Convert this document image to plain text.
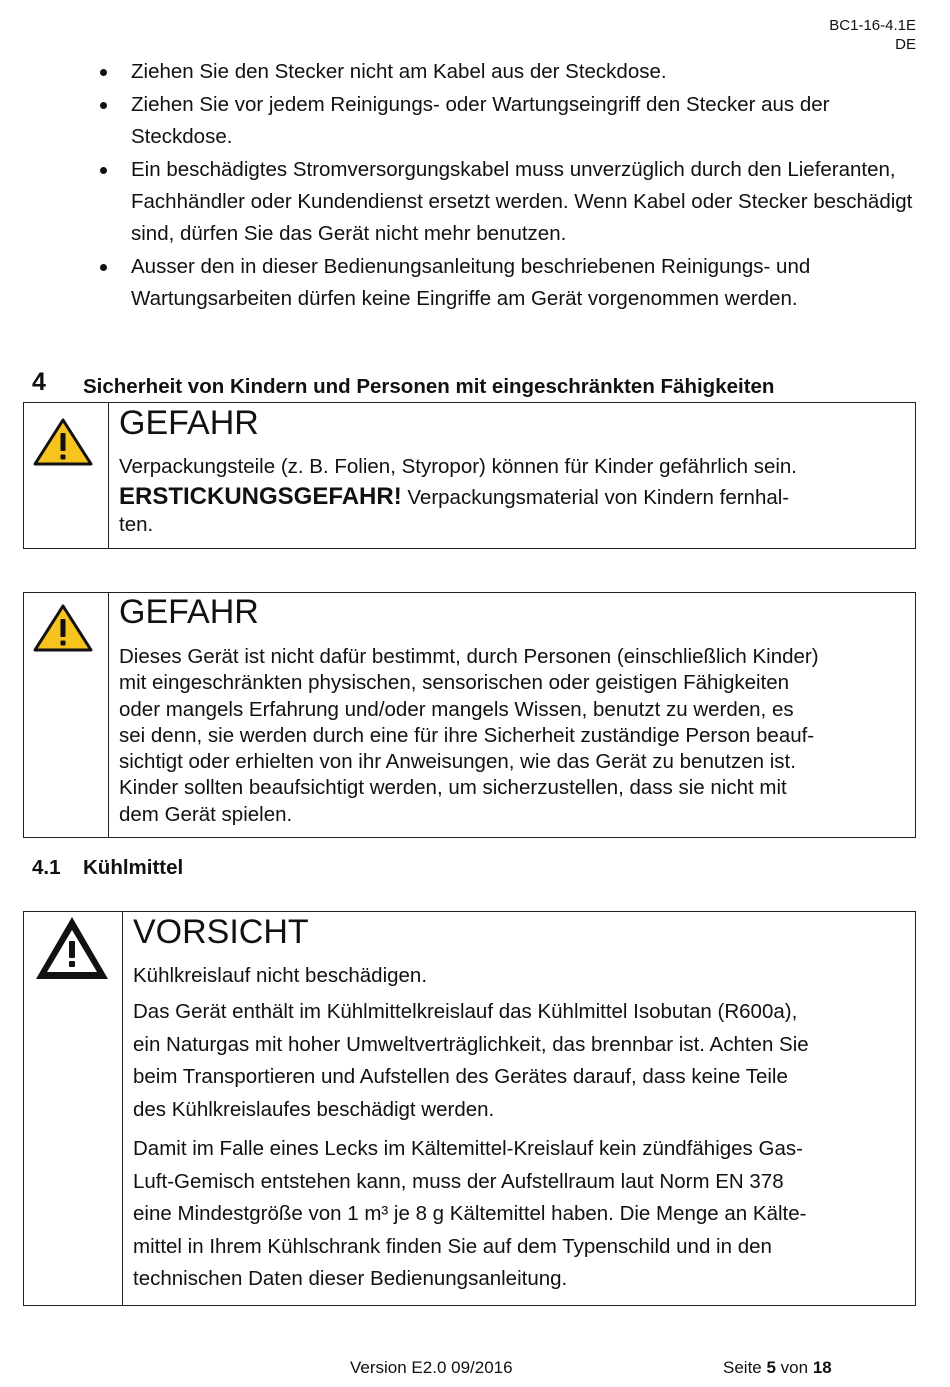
BC1-16-4.1E
DE
Ziehen Sie den Stecker nicht am Kabel aus der Steckdose.
Ziehen Sie vor jedem Reinigungs- oder Wartungseingriff den Stecker aus der Steckdose.
Ein beschädigtes Stromversorgungskabel muss unverzüglich durch den Lieferanten, Fachhändler oder Kundendienst ersetzt werden. Wenn Kabel oder Stecker beschädigt sind, dürfen Sie das Gerät nicht mehr benutzen.
Ausser den in dieser Bedienungsanleitung beschriebenen Reinigungs- und Wartungsarbeiten dürfen keine Eingriffe am Gerät vorgenommen werden.
4 Sicherheit von Kindern und Personen mit eingeschränkten Fähigkeiten
GEFAHR
Verpackungsteile (z. B. Folien, Styropor) können für Kinder gefährlich sein.
ERSTICKUNGSGEFAHR! Verpackungsmaterial von Kindern fernhal-
ten.
GEFAHR
Dieses Gerät ist nicht dafür bestimmt, durch Personen (einschließlich Kinder)
mit eingeschränkten physischen, sensorischen oder geistigen Fähigkeiten
oder mangels Erfahrung und/oder mangels Wissen, benutzt zu werden, es
sei denn, sie werden durch eine für ihre Sicherheit zuständige Person beauf-
sichtigt oder erhielten von ihr Anweisungen, wie das Gerät zu benutzen ist.
Kinder sollten beaufsichtigt werden, um sicherzustellen, dass sie nicht mit
dem Gerät spielen.
4.1 Kühlmittel
VORSICHT
Kühlkreislauf nicht beschädigen.
Das Gerät enthält im Kühlmittelkreislauf das Kühlmittel Isobutan (R600a),
ein Naturgas mit hoher Umweltverträglichkeit, das brennbar ist. Achten Sie
beim Transportieren und Aufstellen des Gerätes darauf, dass keine Teile
des Kühlkreislaufes beschädigt werden.
Damit im Falle eines Lecks im Kältemittel-Kreislauf kein zündfähiges Gas-
Luft-Gemisch entstehen kann, muss der Aufstellraum laut Norm EN 378
eine Mindestgröße von 1 m³ je 8 g Kältemittel haben. Die Menge an Kälte-
mittel in Ihrem Kühlschrank finden Sie auf dem Typenschild und in den
technischen Daten dieser Bedienungsanleitung.
Version E2.0 09/2016	Seite 5 von 18
